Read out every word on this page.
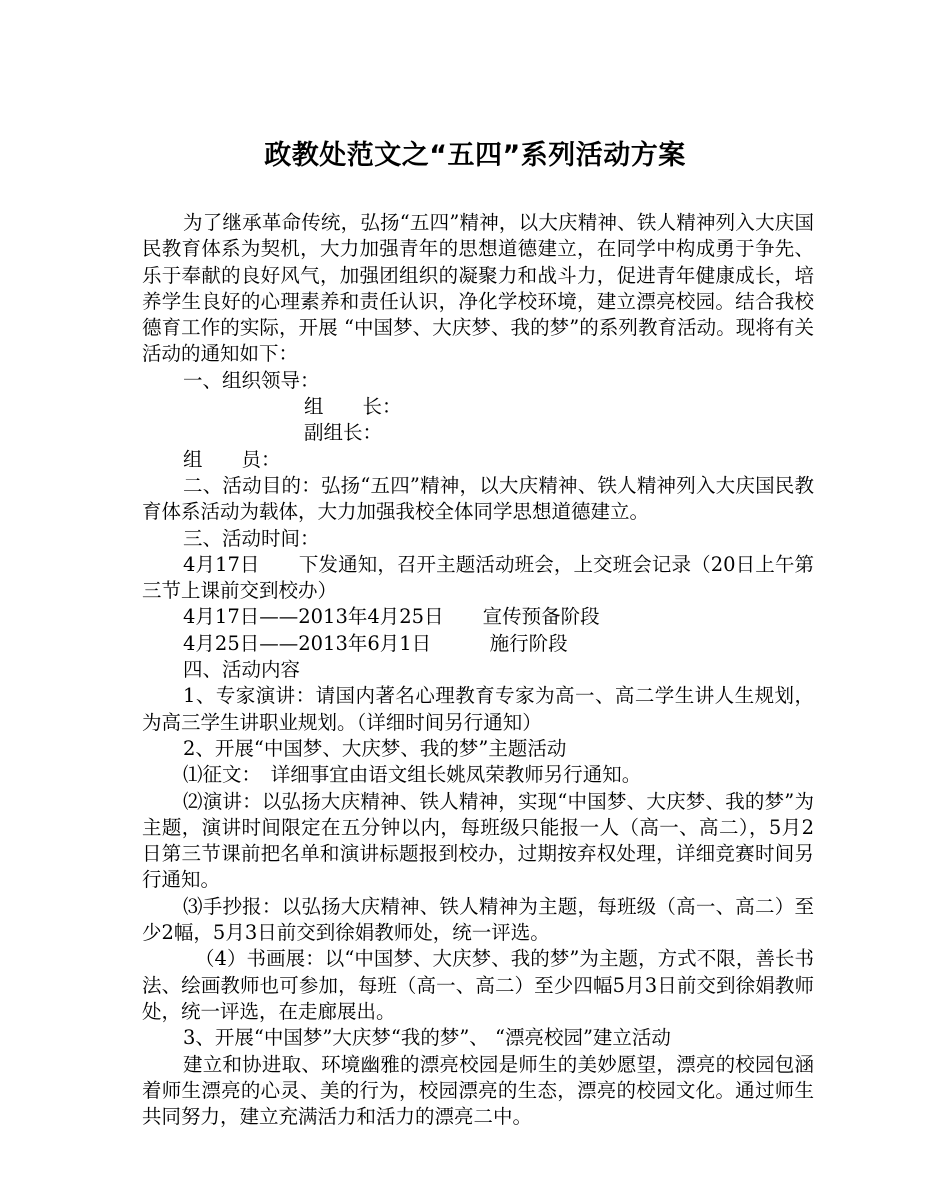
政教处范文之“五四”系列活动方案

为了继承革命传统，弘扬“五四”精神，以大庆精神、铁人精神列入大庆国民教育体系为契机，大力加强青年的思想道德建立，在同学中构成勇于争先、乐于奉献的良好风气，加强团组织的凝聚力和战斗力，促进青年健康成长，培养学生良好的心理素养和责任认识，净化学校环境，建立漂亮校园。结合我校德育工作的实际，开展 “中国梦、大庆梦、我的梦”的系列教育活动。现将有关活动的通知如下：

一、组织领导：

组　　长：

副组长：

组　　员：

二、活动目的：弘扬“五四”精神，以大庆精神、铁人精神列入大庆国民教育体系活动为载体，大力加强我校全体同学思想道德建立。

三、活动时间：

4月17日　　下发通知，召开主题活动班会，上交班会记录（20日上午第三节上课前交到校办）

4月17日——2013年4月25日　　宣传预备阶段

4月25日——2013年6月1日　　　施行阶段

四、活动内容

1、专家演讲：请国内著名心理教育专家为高一、高二学生讲人生规划，为高三学生讲职业规划。（详细时间另行通知）

2、开展“中国梦、大庆梦、我的梦”主题活动

⑴征文：　详细事宜由语文组长姚凤荣教师另行通知。

⑵演讲：以弘扬大庆精神、铁人精神，实现“中国梦、大庆梦、我的梦”为主题，演讲时间限定在五分钟以内，每班级只能报一人（高一、高二），5月2日第三节课前把名单和演讲标题报到校办，过期按弃权处理，详细竞赛时间另行通知。

⑶手抄报：以弘扬大庆精神、铁人精神为主题，每班级（高一、高二）至少2幅，5月3日前交到徐娟教师处，统一评选。

（4）书画展：以“中国梦、大庆梦、我的梦”为主题，方式不限，善长书法、绘画教师也可参加，每班（高一、高二）至少四幅5月3日前交到徐娟教师处，统一评选，在走廊展出。

3、开展“中国梦”大庆梦“我的梦”、 “漂亮校园”建立活动

建立和协进取、环境幽雅的漂亮校园是师生的美妙愿望，漂亮的校园包涵着师生漂亮的心灵、美的行为，校园漂亮的生态，漂亮的校园文化。通过师生共同努力，建立充满活力和活力的漂亮二中。
